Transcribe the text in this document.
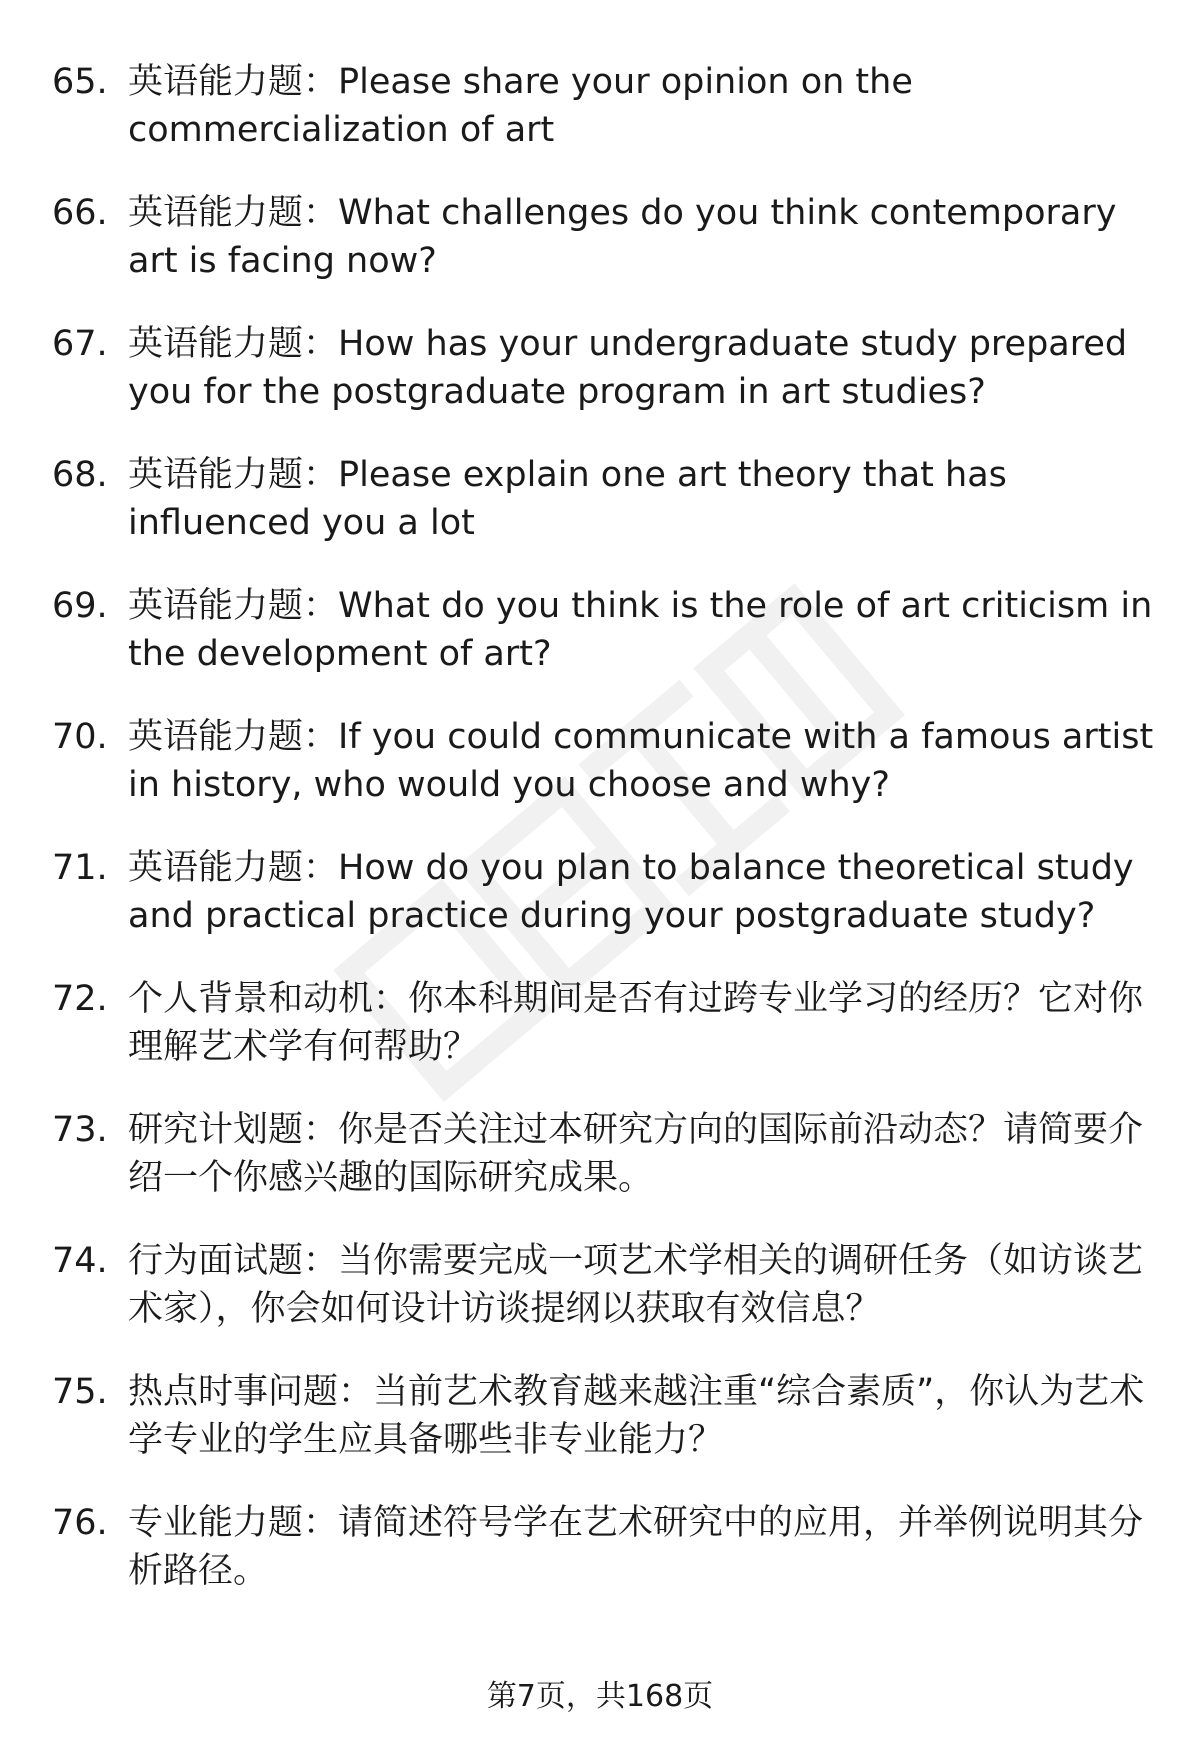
65. 英语能力题：Please share your opinion on the commercialization of art
66. 英语能力题：What challenges do you think contemporary art is facing now?
67. 英语能力题：How has your undergraduate study prepared you for the postgraduate program in art studies?
68. 英语能力题：Please explain one art theory that has influenced you a lot
69. 英语能力题：What do you think is the role of art criticism in the development of art?
70. 英语能力题：If you could communicate with a famous artist in history, who would you choose and why?
71. 英语能力题：How do you plan to balance theoretical study and practical practice during your postgraduate study?
72. 个人背景和动机：你本科期间是否有过跨专业学习的经历？它对你理解艺术学有何帮助？
73. 研究计划题：你是否关注过本研究方向的国际前沿动态？请简要介绍一个你感兴趣的国际研究成果。
74. 行为面试题：当你需要完成一项艺术学相关的调研任务（如访谈艺术家），你会如何设计访谈提纲以获取有效信息？
75. 热点时事问题：当前艺术教育越来越注重“综合素质”，你认为艺术学专业的学生应具备哪些非专业能力？
76. 专业能力题：请简述符号学在艺术研究中的应用，并举例说明其分析路径。
第7页，共168页
